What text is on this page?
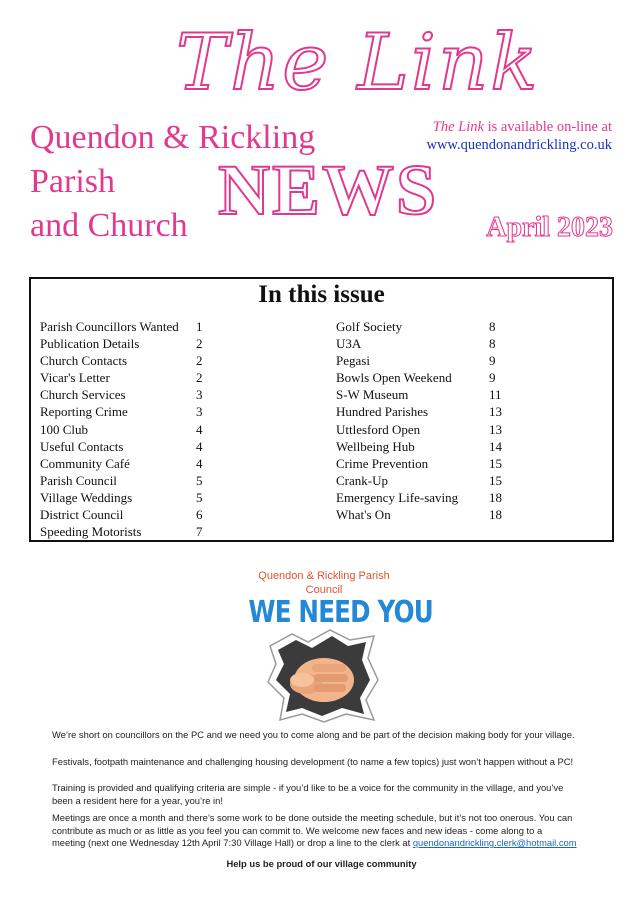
The Link
Quendon & Rickling
Parish
and Church NEWS
The Link is available on-line at
www.quendonandrickling.co.uk
April 2023
In this issue
Parish Councillors Wanted 1
Publication Details	2
Church Contacts	2
Vicar's Letter	2
Church Services	3
Reporting Crime	3
100 Club	4
Useful Contacts	4
Community Café	4
Parish Council	5
Village Weddings	5
District Council	6
Speeding Motorists	7
Golf Society	8
U3A	8
Pegasi	9
Bowls Open Weekend	9
S-W Museum	11
Hundred Parishes	13
Uttlesford Open	13
Wellbeing Hub	14
Crime Prevention	15
Crank-Up	15
Emergency Life-saving 18
What's On	18
Quendon & Rickling Parish
Council
WE NEED YOU
We’re short on councillors on the PC and we need you to come along and be part of the decision making body for your village.
Festivals, footpath maintenance and challenging housing development (to name a few topics) just won’t happen without a PC!
Training is provided and qualifying criteria are simple - if you’d like to be a voice for the community in the village, and you’ve
been a resident here for a year, you’re in!
Meetings are once a month and there’s some work to be done outside the meeting schedule, but it’s not too onerous. You can
contribute as much or as little as you feel you can commit to. We welcome new faces and new ideas - come along to a
meeting (next one Wednesday 12th April 7:30 Village Hall) or drop a line to the clerk at quendonandrickling.clerk@hotmail.com
Help us be proud of our village community
